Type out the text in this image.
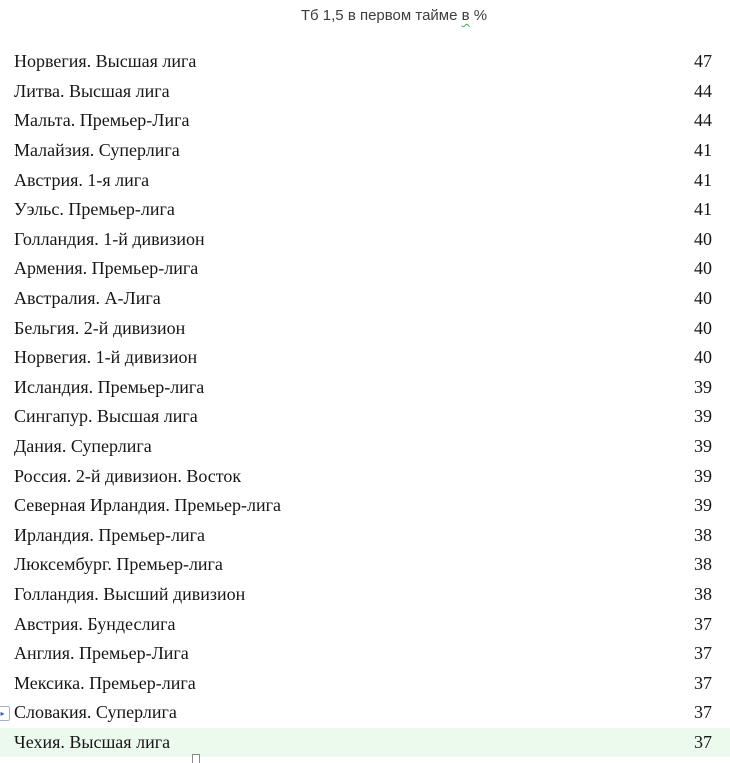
Тб 1,5 в первом тайме в %
Норвегия. Высшая лига	47
Литва. Высшая лига	44
Мальта. Премьер-Лига	44
Малайзия. Суперлига	41
Австрия. 1-я лига	41
Уэльс. Премьер-лига	41
Голландия. 1-й дивизион	40
Армения. Премьер-лига	40
Австралия. А-Лига	40
Бельгия. 2-й дивизион	40
Норвегия. 1-й дивизион	40
Исландия. Премьер-лига	39
Сингапур. Высшая лига	39
Дания. Суперлига	39
Россия. 2-й дивизион. Восток	39
Северная Ирландия. Премьер-лига	39
Ирландия. Премьер-лига	38
Люксембург. Премьер-лига	38
Голландия. Высший дивизион	38
Австрия. Бундеслига	37
Англия. Премьер-Лига	37
Мексика. Премьер-лига	37
Словакия. Суперлига	37
Чехия. Высшая лига	37
▸
